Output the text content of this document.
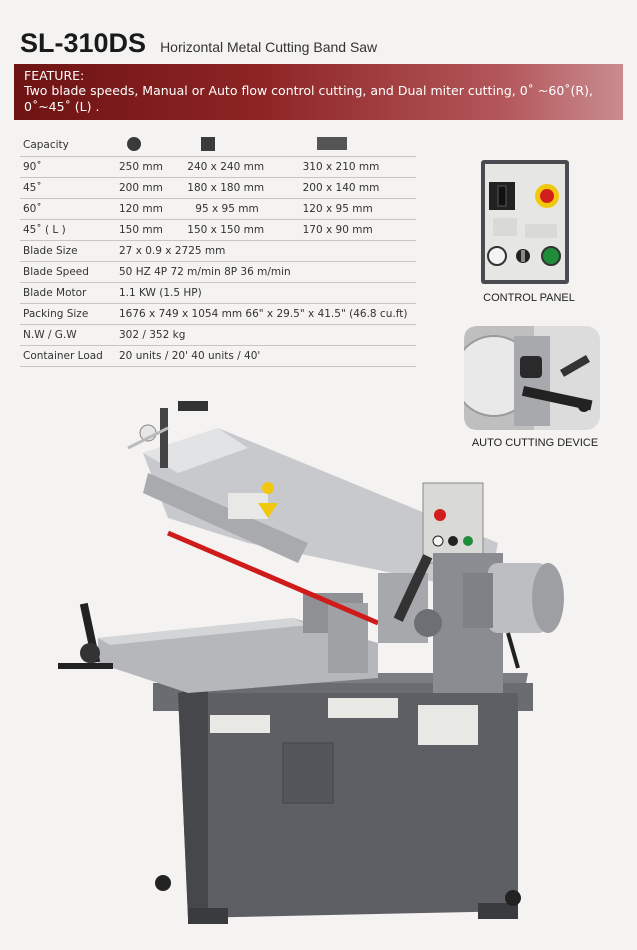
SL-310DS Horizontal Metal Cutting Band Saw
FEATURE:
Two blade speeds, Manual or Auto flow control cutting, and Dual miter cutting, 0˚ ~60˚(R), 0˚~45˚ (L) .
Capacity			
90˚	250 mm	240 x 240 mm	310 x 210 mm
45˚	200 mm	180 x 180 mm	200 x 140 mm
60˚	120 mm	95 x 95 mm	120 x 95 mm
45˚ ( L )	150 mm	150 x 150 mm	170 x 90 mm
Blade Size	27 x 0.9 x 2725 mm		
Blade Speed	50 HZ 4P 72 m/min 8P 36 m/min		
Blade Motor	1.1 KW (1.5 HP)		
Packing Size	1676 x 749 x 1054 mm 66" x 29.5" x 41.5" (46.8 cu.ft)		
N.W / G.W	302 / 352 kg		
Container Load	20 units / 20' 40 units / 40'		
CONTROL PANEL
AUTO CUTTING DEVICE
